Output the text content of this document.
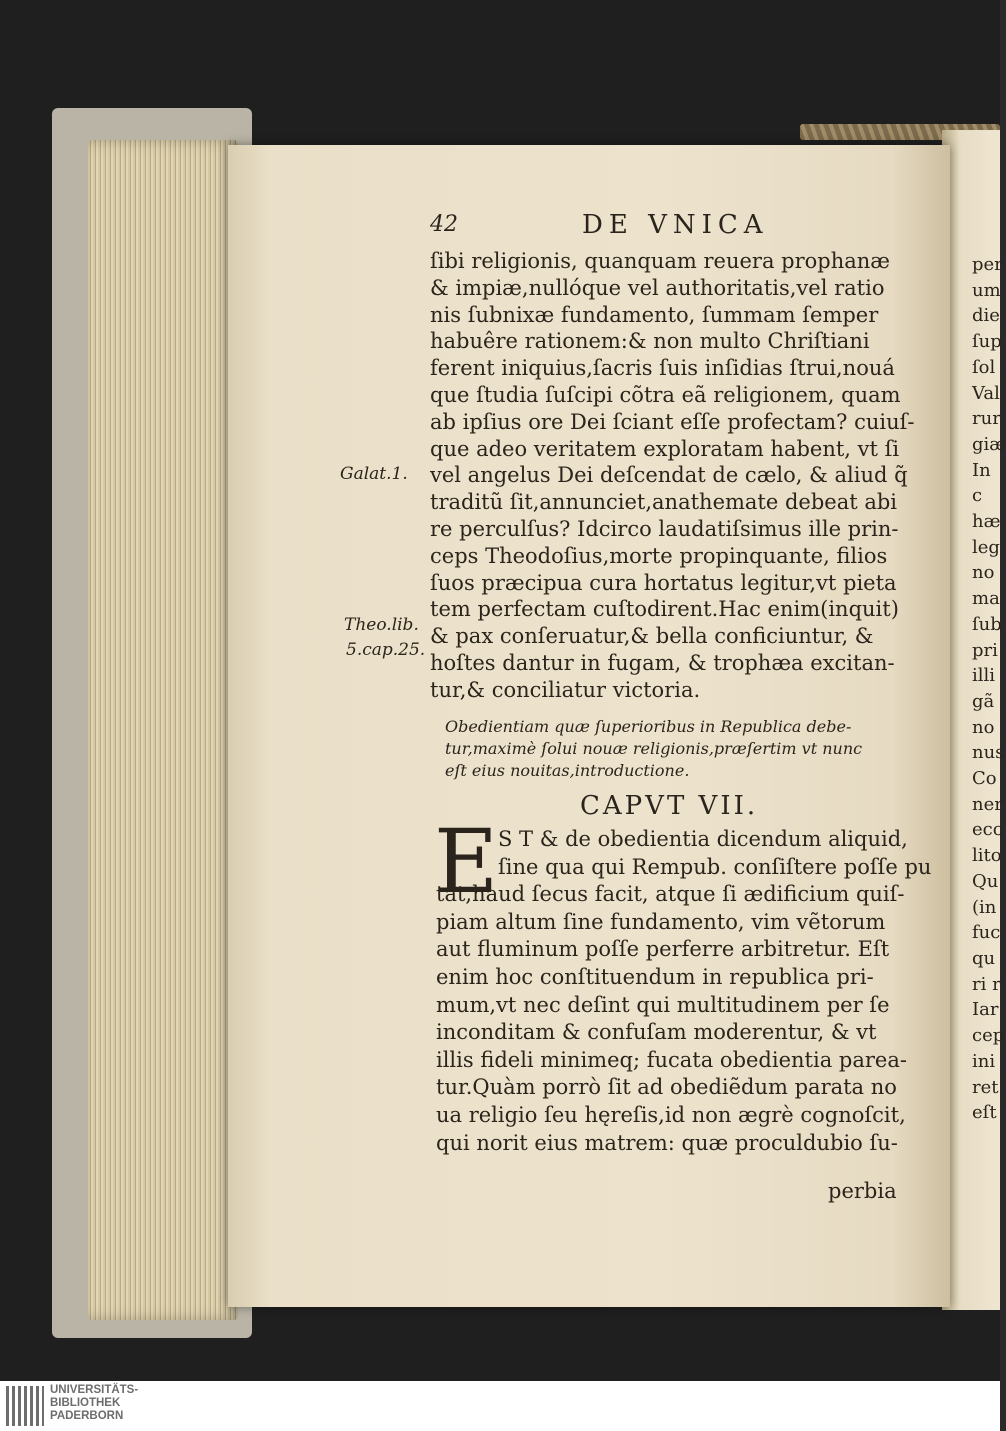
42	DE VNICA
ſibi religionis, quanquam reuera prophanæ
& impiæ,nullóque vel authoritatis,vel ratio
nis ſubnixæ fundamento, ſummam ſemper
habuêre rationem:& non multo Chriſtiani
ferent iniquius,ſacris ſuis inſidias ſtrui,nouá
que ſtudia ſuſcipi cõtra eã religionem, quam
ab ipſius ore Dei ſciant eſſe profectam? cuiuſ-
que adeo veritatem exploratam habent, vt ſi
vel angelus Dei deſcendat de cælo, & aliud q̃
traditũ ſit,annunciet,anathemate debeat abi
re perculſus? Idcirco laudatiſsimus ille prin-
ceps Theodoſius,morte propinquante, filios
ſuos præcipua cura hortatus legitur,vt pieta
tem perfectam cuſtodirent.Hac enim(inquit)
& pax conſeruatur,& bella conficiuntur, &
hoſtes dantur in fugam, & trophæa excitan-
tur,& conciliatur victoria.
Galat.1.
Theo.lib.
5.cap.25.
Obedientiam quæ ſuperioribus in Republica debe-
tur,maximè ſolui nouæ religionis,præſertim vt nunc
eſt eius nouitas,introductione.
CAPVT VII.
E S T & de obedientia dicendum aliquid,
ſine qua qui Rempub. conſiſtere poſſe pu
tat,haud ſecus facit, atque ſi ædificium quiſ-
piam altum ſine fundamento, vim vẽtorum
aut fluminum poſſe perferre arbitretur. Eſt
enim hoc conſtituendum in republica pri-
mum,vt nec deſint qui multitudinem per ſe
inconditam & confuſam moderentur, & vt
illis fideli minimeq; fucata obedientia parea-
tur.Quàm porrò ſit ad obediẽdum parata no
ua religio ſeu hęreſis,id non ægrè cognoſcit,
qui norit eius matrem: quæ proculdubio ſu-
perbia
per
um
die
ſup
ſol
Val
rur
giæ
In c
hæ
leg
no
ma
ſub
pri
illi
gã
no
nus
Co
ner
ecc
lito
Qu
(in
fuc
qu
ri r
Iar
cep
ini
ret
eſt
UNIVERSITÄTS-
BIBLIOTHEK
PADERBORN
